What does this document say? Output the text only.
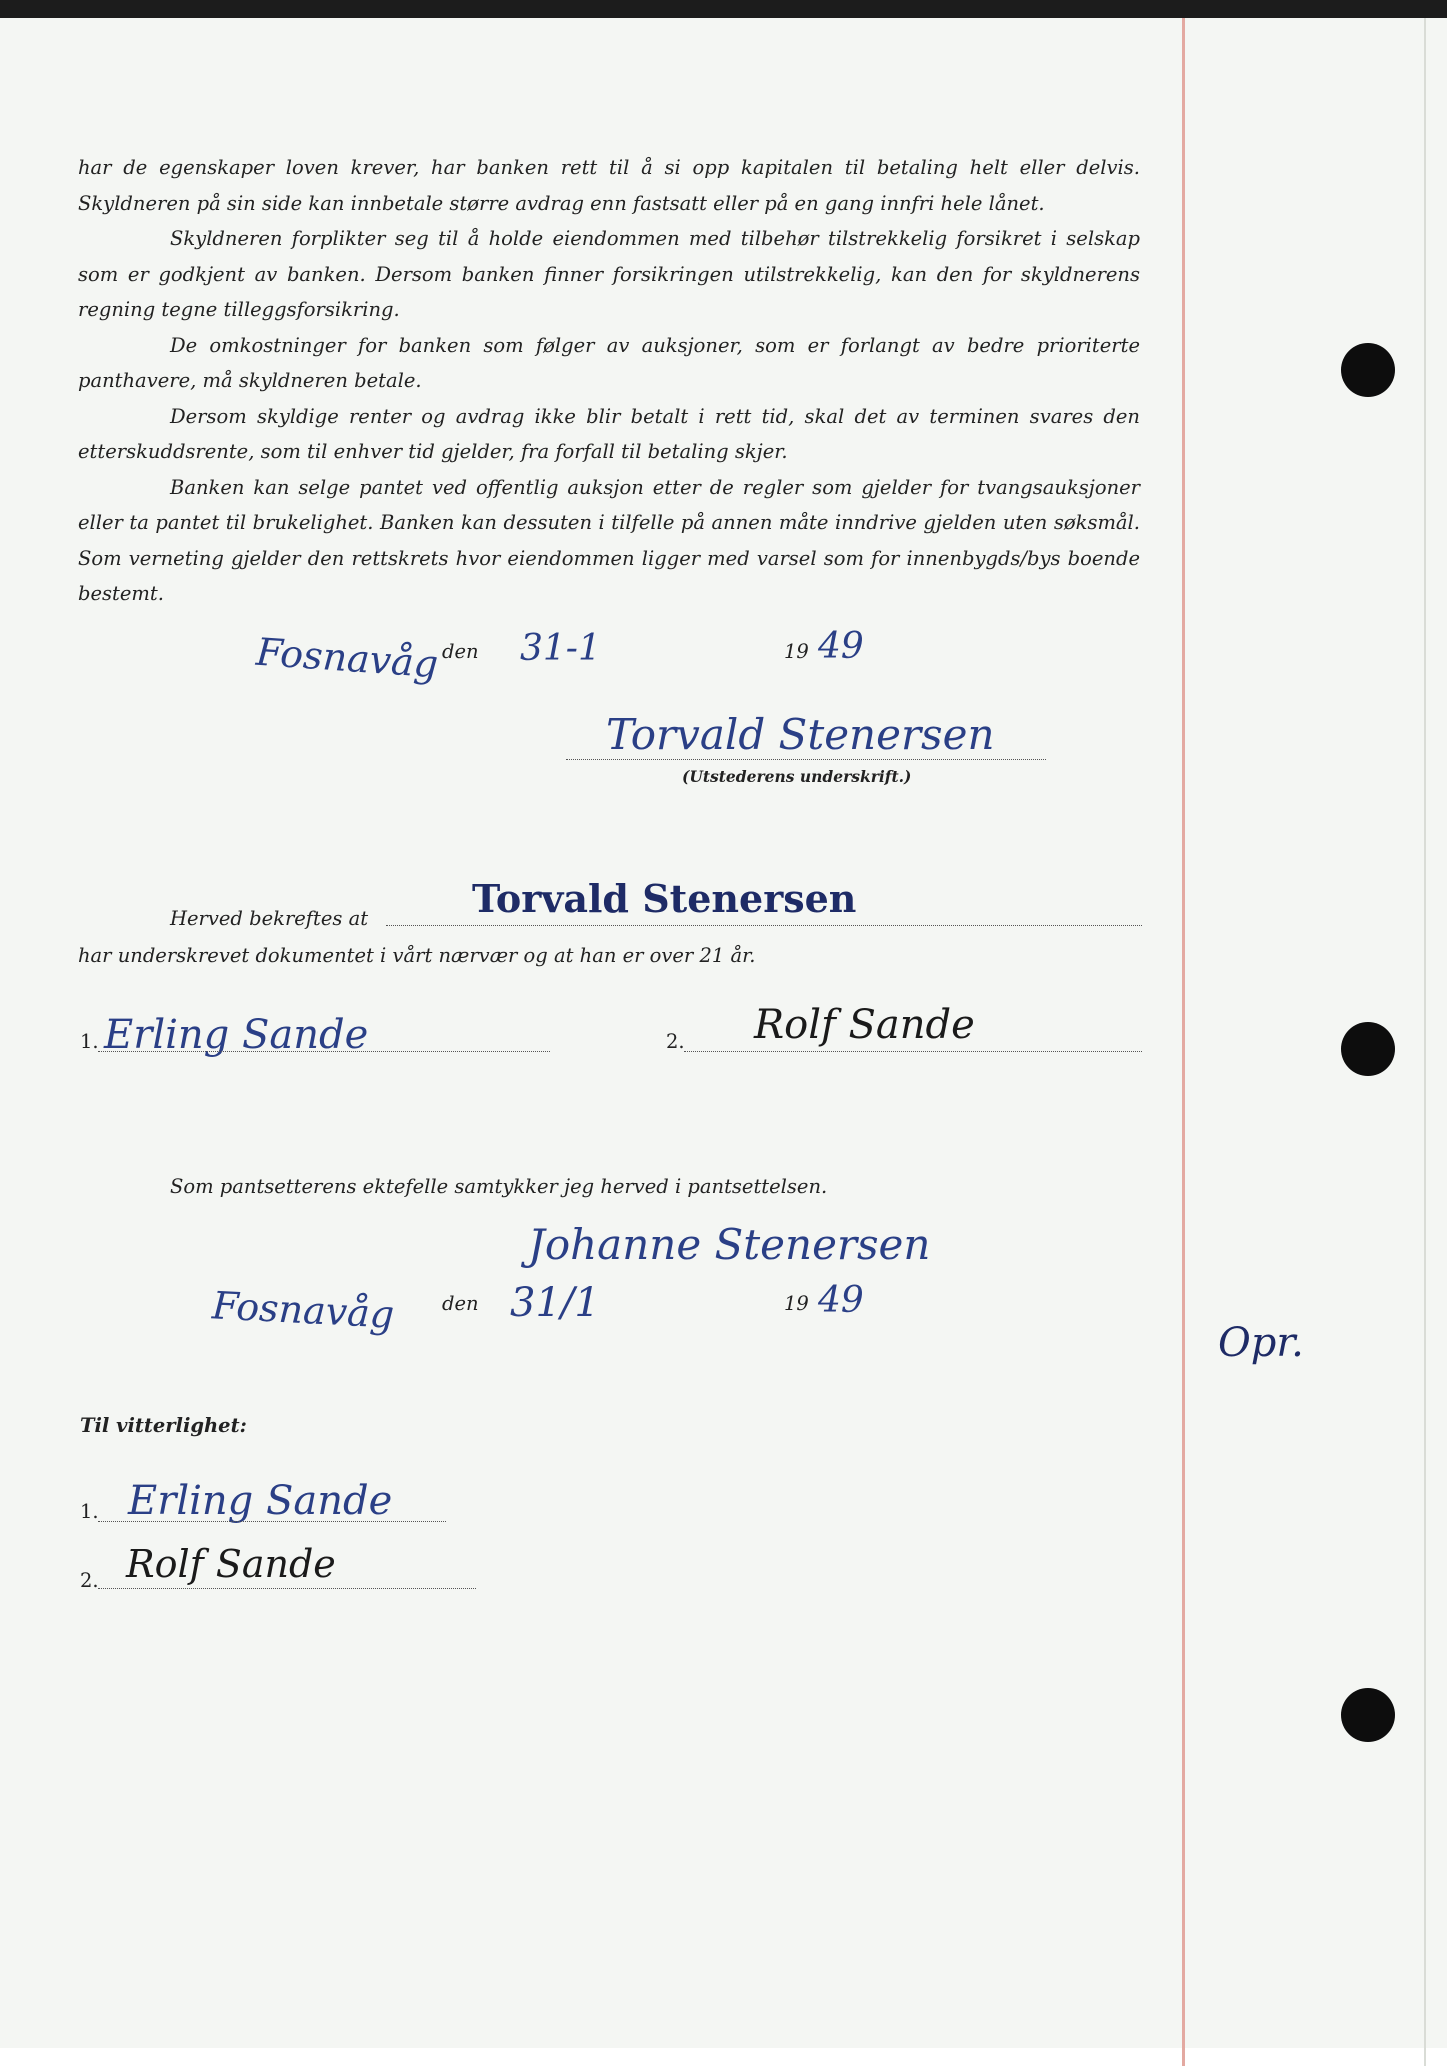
har de egenskaper loven krever, har banken rett til å si opp kapitalen til betaling helt eller delvis. Skyldneren på sin side kan innbetale større avdrag enn fastsatt eller på en gang innfri hele lånet.

Skyldneren forplikter seg til å holde eiendommen med tilbehør tilstrekkelig forsikret i selskap som er godkjent av banken. Dersom banken finner forsikringen utilstrekkelig, kan den for skyldnerens regning tegne tilleggsforsikring.

De omkostninger for banken som følger av auksjoner, som er forlangt av bedre prioriterte panthavere, må skyldneren betale.

Dersom skyldige renter og avdrag ikke blir betalt i rett tid, skal det av terminen svares den etterskuddsrente, som til enhver tid gjelder, fra forfall til betaling skjer.

Banken kan selge pantet ved offentlig auksjon etter de regler som gjelder for tvangsauksjoner eller ta pantet til brukelighet. Banken kan dessuten i tilfelle på annen måte inndrive gjelden uten søksmål. Som verneting gjelder den rettskrets hvor eiendommen ligger med varsel som for innenbygds/bys boende bestemt.

Fosnavåg den 31-1	19 49
Torvald Stenersen
(Utstederens underskrift.)
Herved bekreftes at	Torvald Stenersen
har underskrevet dokumentet i vårt nærvær og at han er over 21 år.
1. Erling Sande	2. Rolf Sande
Som pantsetterens ektefelle samtykker jeg herved i pantsettelsen.
Johanne Stenersen
Fosnavåg den 31/1	19 49
Opr.
Til vitterlighet:
1. Erling Sande
2. Rolf Sande
